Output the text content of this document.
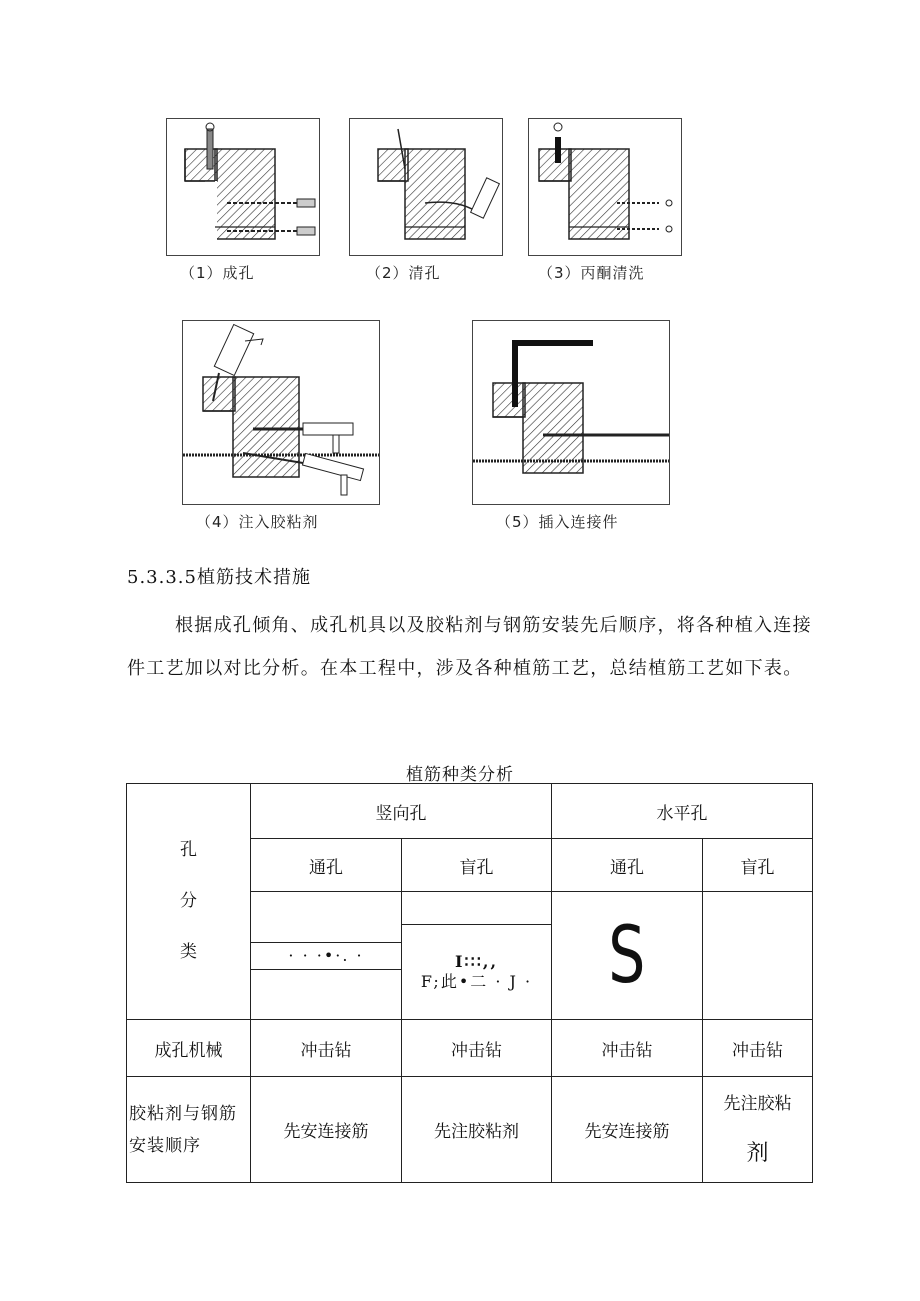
（1）成孔	（2）清孔	（3）丙酮清洗
（4）注入胶粘剂	（5）插入连接件
5.3.3.5植筋技术措施
根据成孔倾角、成孔机具以及胶粘剂与钢筋安装先后顺序，将各种植入连接件工艺加以对比分析。在本工程中，涉及各种植筋工艺，总结植筋工艺如下表。
植筋种类分析
孔
分
类	竖向孔		水平孔	
	通孔	盲孔	通孔	盲孔

· · ·•·. ·	I∶∶∶,,
F;此•二 · J ·	S	
成孔机械	冲击钻	冲击钻	冲击钻	冲击钻
胶粘剂与钢筋安装顺序	先安连接筋	先注胶粘剂	先安连接筋	先注胶粘
剂
